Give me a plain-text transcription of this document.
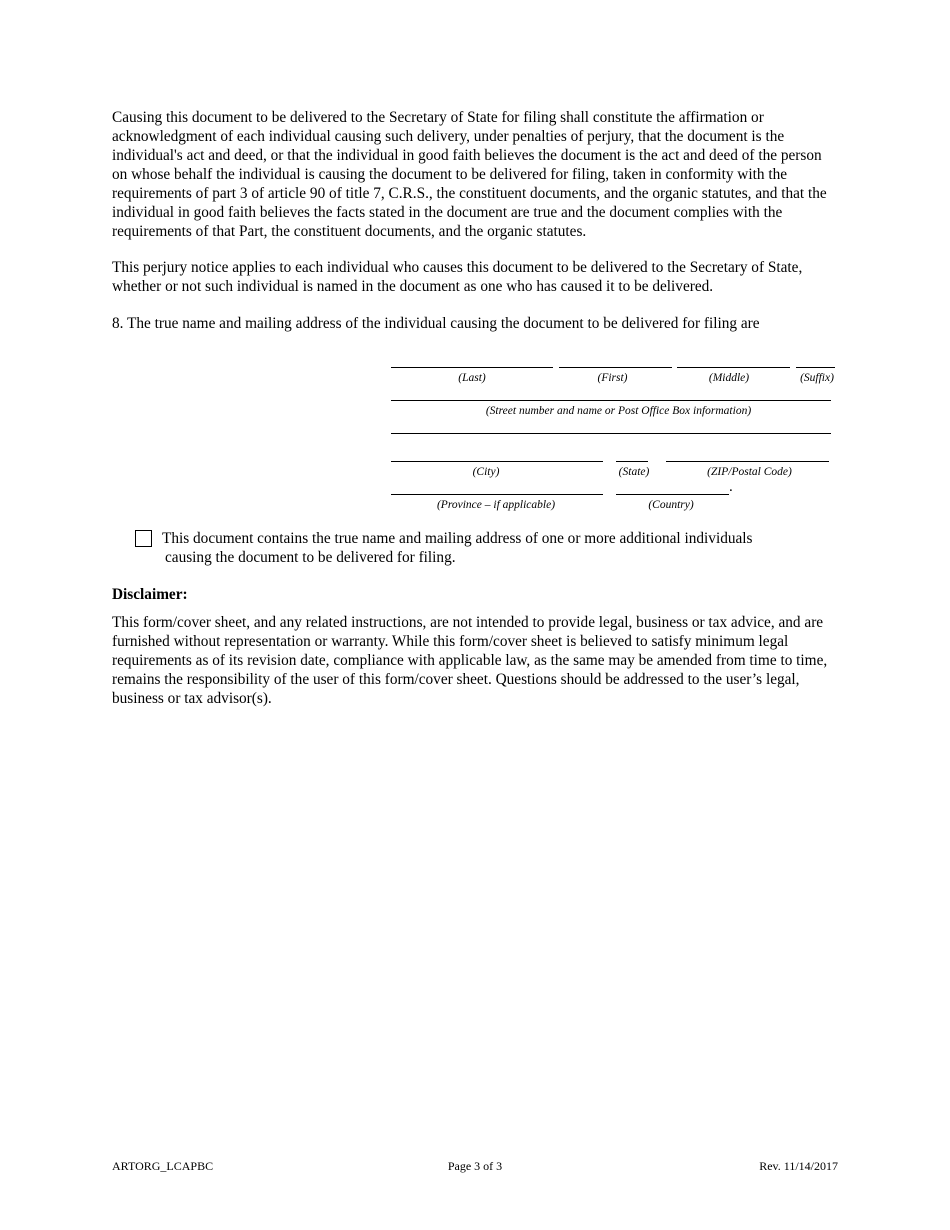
Causing this document to be delivered to the Secretary of State for filing shall constitute the affirmation or acknowledgment of each individual causing such delivery, under penalties of perjury, that the document is the individual's act and deed, or that the individual in good faith believes the document is the act and deed of the person on whose behalf the individual is causing the document to be delivered for filing, taken in conformity with the requirements of part 3 of article 90 of title 7, C.R.S., the constituent documents, and the organic statutes, and that the individual in good faith believes the facts stated in the document are true and the document complies with the requirements of that Part, the constituent documents, and the organic statutes.

This perjury notice applies to each individual who causes this document to be delivered to the Secretary of State, whether or not such individual is named in the document as one who has caused it to be delivered.

8. The true name and mailing address of the individual causing the document to be delivered for filing are

(Last)	(First)	(Middle)	(Suffix)
(Street number and name or Post Office Box information)
(City)	(State)	(ZIP/Postal Code)
.
(Province – if applicable)	(Country)

This document contains the true name and mailing address of one or more additional individuals
causing the document to be delivered for filing.

Disclaimer:

This form/cover sheet, and any related instructions, are not intended to provide legal, business or tax advice, and are furnished without representation or warranty. While this form/cover sheet is believed to satisfy minimum legal requirements as of its revision date, compliance with applicable law, as the same may be amended from time to time, remains the responsibility of the user of this form/cover sheet. Questions should be addressed to the user’s legal, business or tax advisor(s).

ARTORG_LCAPBC	Page 3 of 3	Rev. 11/14/2017
